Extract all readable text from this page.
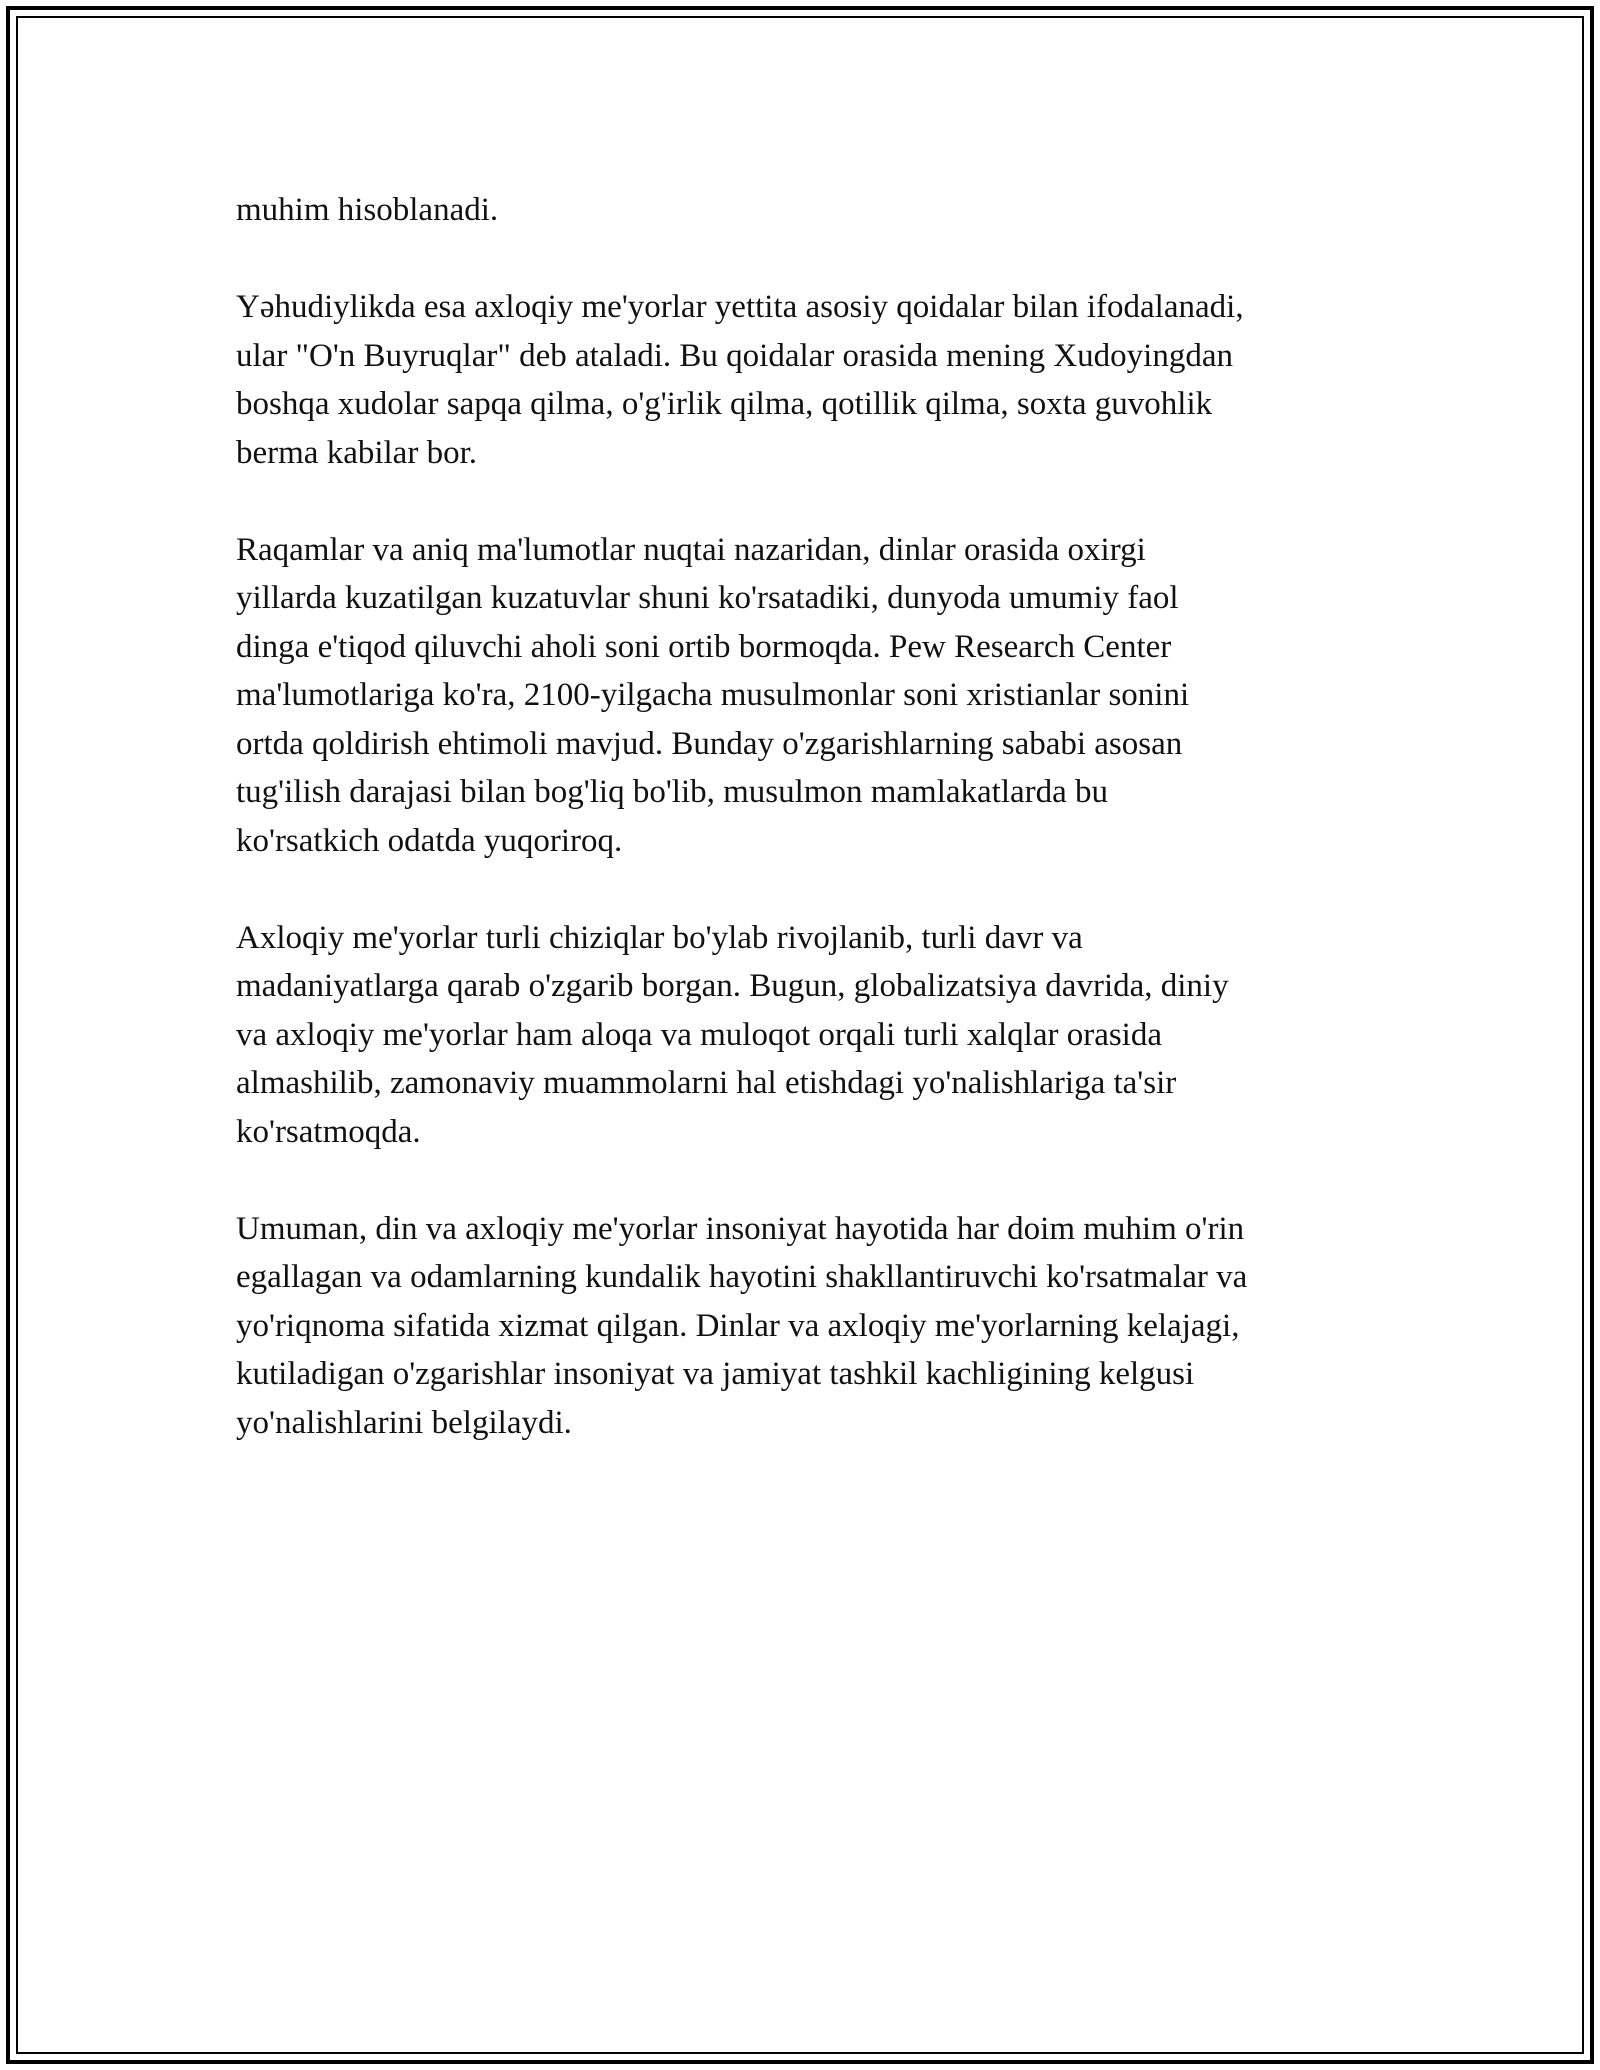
muhim hisoblanadi.

Yəhudiylikda esa axloqiy me'yorlar yettita asosiy qoidalar bilan ifodalanadi,
ular "O'n Buyruqlar" deb ataladi. Bu qoidalar orasida mening Xudoyingdan
boshqa xudolar sapqa qilma, o'g'irlik qilma, qotillik qilma, soxta guvohlik
berma kabilar bor.

Raqamlar va aniq ma'lumotlar nuqtai nazaridan, dinlar orasida oxirgi
yillarda kuzatilgan kuzatuvlar shuni ko'rsatadiki, dunyoda umumiy faol
dinga e'tiqod qiluvchi aholi soni ortib bormoqda. Pew Research Center
ma'lumotlariga ko'ra, 2100-yilgacha musulmonlar soni xristianlar sonini
ortda qoldirish ehtimoli mavjud. Bunday o'zgarishlarning sababi asosan
tug'ilish darajasi bilan bog'liq bo'lib, musulmon mamlakatlarda bu
ko'rsatkich odatda yuqoriroq.

Axloqiy me'yorlar turli chiziqlar bo'ylab rivojlanib, turli davr va
madaniyatlarga qarab o'zgarib borgan. Bugun, globalizatsiya davrida, diniy
va axloqiy me'yorlar ham aloqa va muloqot orqali turli xalqlar orasida
almashilib, zamonaviy muammolarni hal etishdagi yo'nalishlariga ta'sir
ko'rsatmoqda.

Umuman, din va axloqiy me'yorlar insoniyat hayotida har doim muhim o'rin
egallagan va odamlarning kundalik hayotini shakllantiruvchi ko'rsatmalar va
yo'riqnoma sifatida xizmat qilgan. Dinlar va axloqiy me'yorlarning kelajagi,
kutiladigan o'zgarishlar insoniyat va jamiyat tashkil kachligining kelgusi
yo'nalishlarini belgilaydi.
